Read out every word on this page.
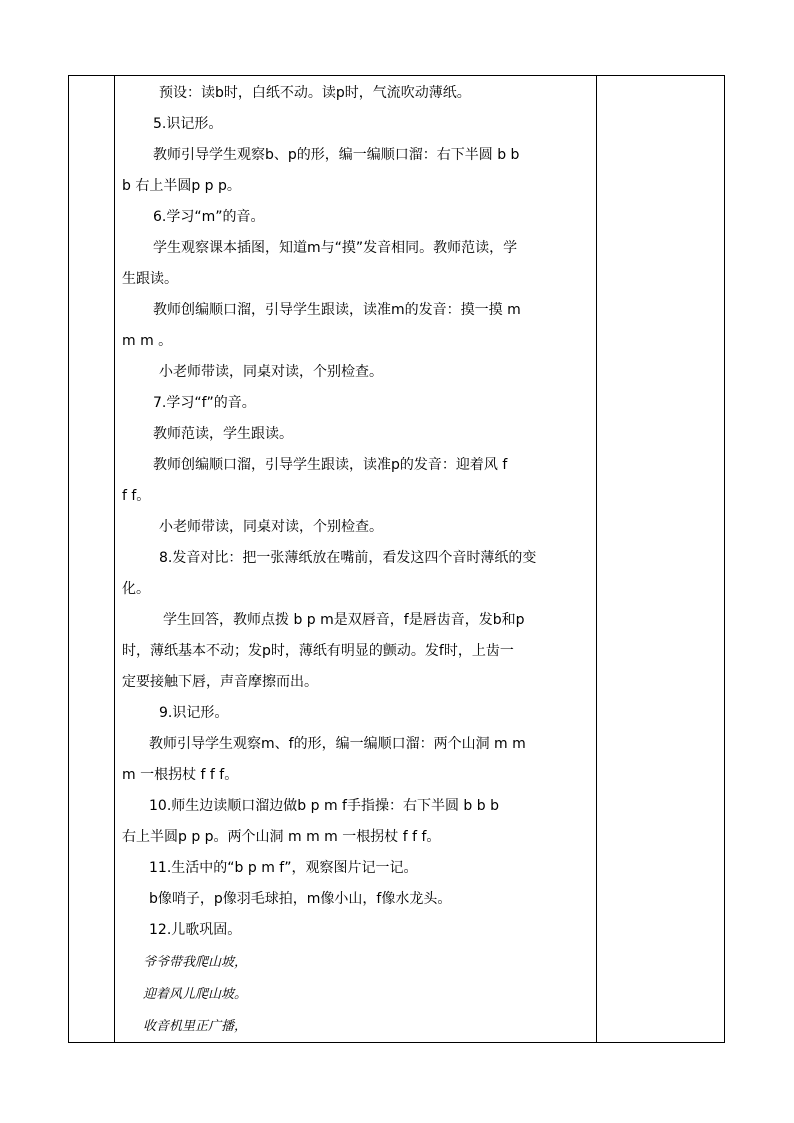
预设：读b时，白纸不动。读p时，气流吹动薄纸。
5.识记形。
教师引导学生观察b、p的形，编一编顺口溜：右下半圆 b b
b 右上半圆p p p。
6.学习“m”的音。
学生观察课本插图，知道m与“摸”发音相同。教师范读，学
生跟读。
教师创编顺口溜，引导学生跟读，读准m的发音：摸一摸 m
m m 。
小老师带读，同桌对读，个别检查。
7.学习“f”的音。
教师范读，学生跟读。
教师创编顺口溜，引导学生跟读，读准p的发音：迎着风 f
f f。
小老师带读，同桌对读，个别检查。
8.发音对比：把一张薄纸放在嘴前，看发这四个音时薄纸的变
化。
学生回答，教师点拨 b p m是双唇音，f是唇齿音，发b和p
时，薄纸基本不动；发p时，薄纸有明显的颤动。发f时，上齿一
定要接触下唇，声音摩擦而出。
9.识记形。
教师引导学生观察m、f的形，编一编顺口溜：两个山洞 m m
m 一根拐杖 f f f。
10.师生边读顺口溜边做b p m f手指操：右下半圆 b b b
右上半圆p p p。两个山洞 m m m 一根拐杖 f f f。
11.生活中的“b p m f”，观察图片记一记。
b像哨子，p像羽毛球拍，m像小山，f像水龙头。
12.儿歌巩固。
爷爷带我爬山坡，
迎着风儿爬山坡。
收音机里正广播，
